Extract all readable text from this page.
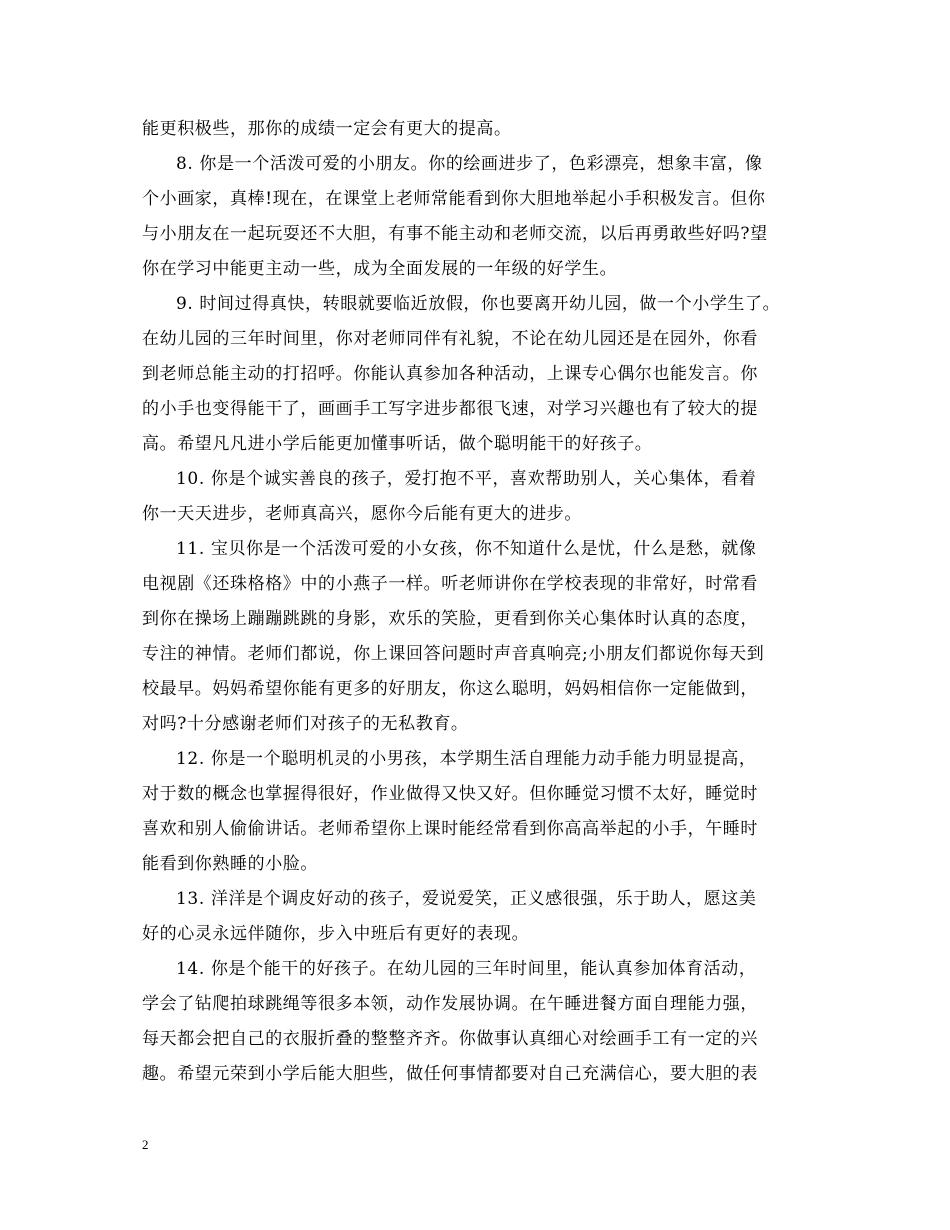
能更积极些，那你的成绩一定会有更大的提高。
8. 你是一个活泼可爱的小朋友。你的绘画进步了，色彩漂亮，想象丰富，像
个小画家，真棒!现在，在课堂上老师常能看到你大胆地举起小手积极发言。但你
与小朋友在一起玩耍还不大胆，有事不能主动和老师交流，以后再勇敢些好吗?望
你在学习中能更主动一些，成为全面发展的一年级的好学生。
9. 时间过得真快，转眼就要临近放假，你也要离开幼儿园，做一个小学生了。
在幼儿园的三年时间里，你对老师同伴有礼貌，不论在幼儿园还是在园外，你看
到老师总能主动的打招呼。你能认真参加各种活动，上课专心偶尔也能发言。你
的小手也变得能干了，画画手工写字进步都很飞速，对学习兴趣也有了较大的提
高。希望凡凡进小学后能更加懂事听话，做个聪明能干的好孩子。
10. 你是个诚实善良的孩子，爱打抱不平，喜欢帮助别人，关心集体，看着
你一天天进步，老师真高兴，愿你今后能有更大的进步。
11. 宝贝你是一个活泼可爱的小女孩，你不知道什么是忧，什么是愁，就像
电视剧《还珠格格》中的小燕子一样。听老师讲你在学校表现的非常好，时常看
到你在操场上蹦蹦跳跳的身影，欢乐的笑脸，更看到你关心集体时认真的态度，
专注的神情。老师们都说，你上课回答问题时声音真响亮;小朋友们都说你每天到
校最早。妈妈希望你能有更多的好朋友，你这么聪明，妈妈相信你一定能做到，
对吗?十分感谢老师们对孩子的无私教育。
12. 你是一个聪明机灵的小男孩，本学期生活自理能力动手能力明显提高，
对于数的概念也掌握得很好，作业做得又快又好。但你睡觉习惯不太好，睡觉时
喜欢和别人偷偷讲话。老师希望你上课时能经常看到你高高举起的小手，午睡时
能看到你熟睡的小脸。
13. 洋洋是个调皮好动的孩子，爱说爱笑，正义感很强，乐于助人，愿这美
好的心灵永远伴随你，步入中班后有更好的表现。
14. 你是个能干的好孩子。在幼儿园的三年时间里，能认真参加体育活动，
学会了钻爬拍球跳绳等很多本领，动作发展协调。在午睡进餐方面自理能力强，
每天都会把自己的衣服折叠的整整齐齐。你做事认真细心对绘画手工有一定的兴
趣。希望元荣到小学后能大胆些，做任何事情都要对自己充满信心，要大胆的表
2
